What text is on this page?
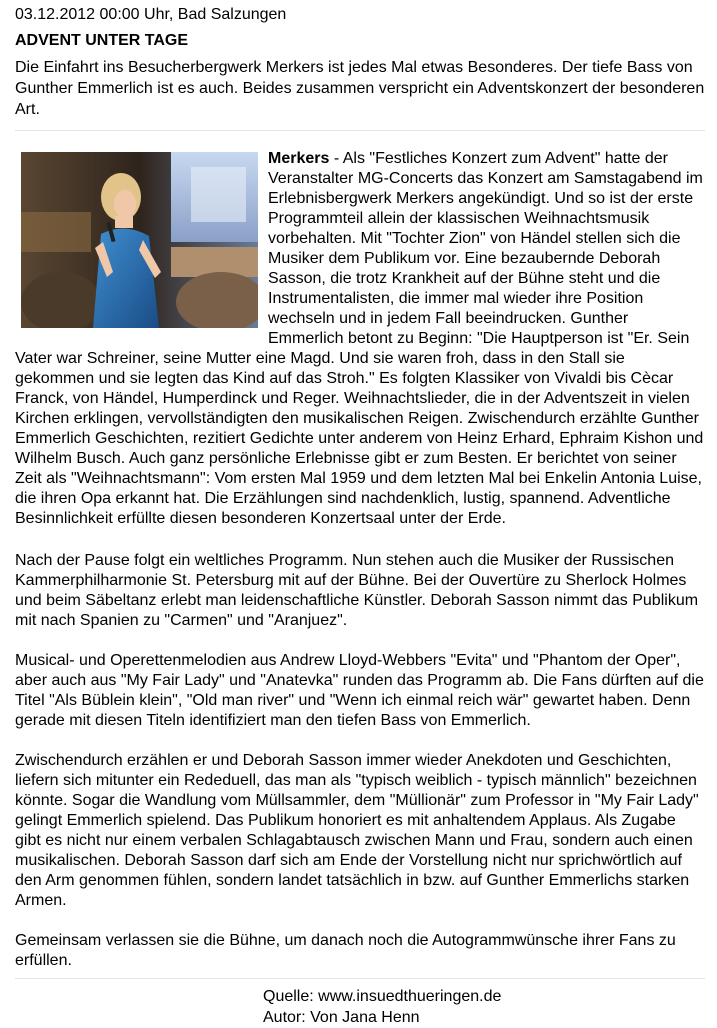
03.12.2012 00:00 Uhr, Bad Salzungen
ADVENT UNTER TAGE
Die Einfahrt ins Besucherbergwerk Merkers ist jedes Mal etwas Besonderes. Der tiefe Bass von Gunther Emmerlich ist es auch. Beides zusammen verspricht ein Adventskonzert der besonderen Art.

Merkers - Als "Festliches Konzert zum Advent" hatte der Veranstalter MG-Concerts das Konzert am Samstagabend im Erlebnisbergwerk Merkers angekündigt. Und so ist der erste Programmteil allein der klassischen Weihnachtsmusik vorbehalten. Mit "Tochter Zion" von Händel stellen sich die Musiker dem Publikum vor. Eine bezaubernde Deborah Sasson, die trotz Krankheit auf der Bühne steht und die Instrumentalisten, die immer mal wieder ihre Position wechseln und in jedem Fall beeindrucken. Gunther Emmerlich betont zu Beginn: "Die Hauptperson ist "Er. Sein Vater war Schreiner, seine Mutter eine Magd. Und sie waren froh, dass in den Stall sie gekommen und sie legten das Kind auf das Stroh." Es folgten Klassiker von Vivaldi bis Cècar Franck, von Händel, Humperdinck und Reger. Weihnachtslieder, die in der Adventszeit in vielen Kirchen erklingen, vervollständigten den musikalischen Reigen. Zwischendurch erzählte Gunther Emmerlich Geschichten, rezitiert Gedichte unter anderem von Heinz Erhard, Ephraim Kishon und Wilhelm Busch. Auch ganz persönliche Erlebnisse gibt er zum Besten. Er berichtet von seiner Zeit als "Weihnachtsmann": Vom ersten Mal 1959 und dem letzten Mal bei Enkelin Antonia Luise, die ihren Opa erkannt hat. Die Erzählungen sind nachdenklich, lustig, spannend. Adventliche Besinnlichkeit erfüllte diesen besonderen Konzertsaal unter der Erde.

Nach der Pause folgt ein weltliches Programm. Nun stehen auch die Musiker der Russischen Kammerphilharmonie St. Petersburg mit auf der Bühne. Bei der Ouvertüre zu Sherlock Holmes und beim Säbeltanz erlebt man leidenschaftliche Künstler. Deborah Sasson nimmt das Publikum mit nach Spanien zu "Carmen" und "Aranjuez".

Musical- und Operettenmelodien aus Andrew Lloyd-Webbers "Evita" und "Phantom der Oper", aber auch aus "My Fair Lady" und "Anatevka" runden das Programm ab. Die Fans dürften auf die Titel "Als Büblein klein", "Old man river" und "Wenn ich einmal reich wär" gewartet haben. Denn gerade mit diesen Titeln identifiziert man den tiefen Bass von Emmerlich.

Zwischendurch erzählen er und Deborah Sasson immer wieder Anekdoten und Geschichten, liefern sich mitunter ein Rededuell, das man als "typisch weiblich - typisch männlich" bezeichnen könnte. Sogar die Wandlung vom Müllsammler, dem "Müllionär" zum Professor in "My Fair Lady" gelingt Emmerlich spielend. Das Publikum honoriert es mit anhaltendem Applaus. Als Zugabe gibt es nicht nur einem verbalen Schlagabtausch zwischen Mann und Frau, sondern auch einen musikalischen. Deborah Sasson darf sich am Ende der Vorstellung nicht nur sprichwörtlich auf den Arm genommen fühlen, sondern landet tatsächlich in bzw. auf Gunther Emmerlichs starken Armen.

Gemeinsam verlassen sie die Bühne, um danach noch die Autogrammwünsche ihrer Fans zu erfüllen.

Quelle: www.insuedthueringen.de
Autor: Von Jana Henn
